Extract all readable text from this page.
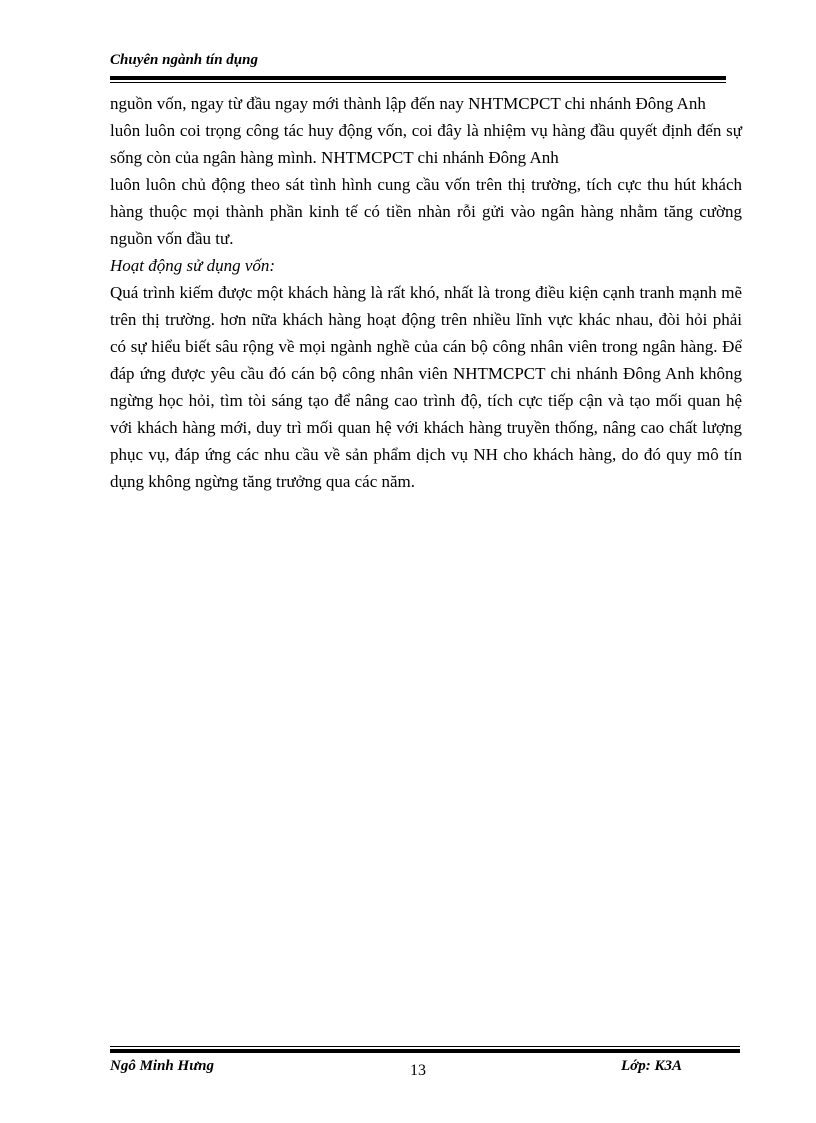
Chuyên ngành tín dụng

nguồn vốn, ngay từ đầu ngay mới thành lập đến nay NHTMCPCT chi nhánh Đông Anh

luôn luôn coi trọng công tác huy động vốn, coi đây là nhiệm vụ hàng đầu quyết định đến sự sống còn của ngân hàng mình. NHTMCPCT chi nhánh Đông Anh

luôn luôn chủ động theo sát tình hình cung cầu vốn trên thị trường, tích cực thu hút khách hàng thuộc mọi thành phần kinh tế có tiền nhàn rỗi gửi vào ngân hàng nhằm tăng cường nguồn vốn đầu tư.

Hoạt động sử dụng vốn:

Quá trình kiếm được một khách hàng là rất khó, nhất là trong điều kiện cạnh tranh mạnh mẽ trên thị trường. hơn nữa khách hàng hoạt động trên nhiều lĩnh vực khác nhau, đòi hỏi phải có sự hiểu biết sâu rộng về mọi ngành nghề của cán bộ công nhân viên trong ngân hàng. Để đáp ứng được yêu cầu đó cán bộ công nhân viên NHTMCPCT chi nhánh Đông Anh không ngừng học hỏi, tìm tòi sáng tạo để nâng cao trình độ, tích cực tiếp cận và tạo mối quan hệ với khách hàng mới, duy trì mối quan hệ với khách hàng truyền thống, nâng cao chất lượng phục vụ, đáp ứng các nhu cầu về sản phẩm dịch vụ NH cho khách hàng, do đó quy mô tín dụng không ngừng tăng trưởng qua các năm.

Ngô Minh Hưng	13	Lớp: K3A
